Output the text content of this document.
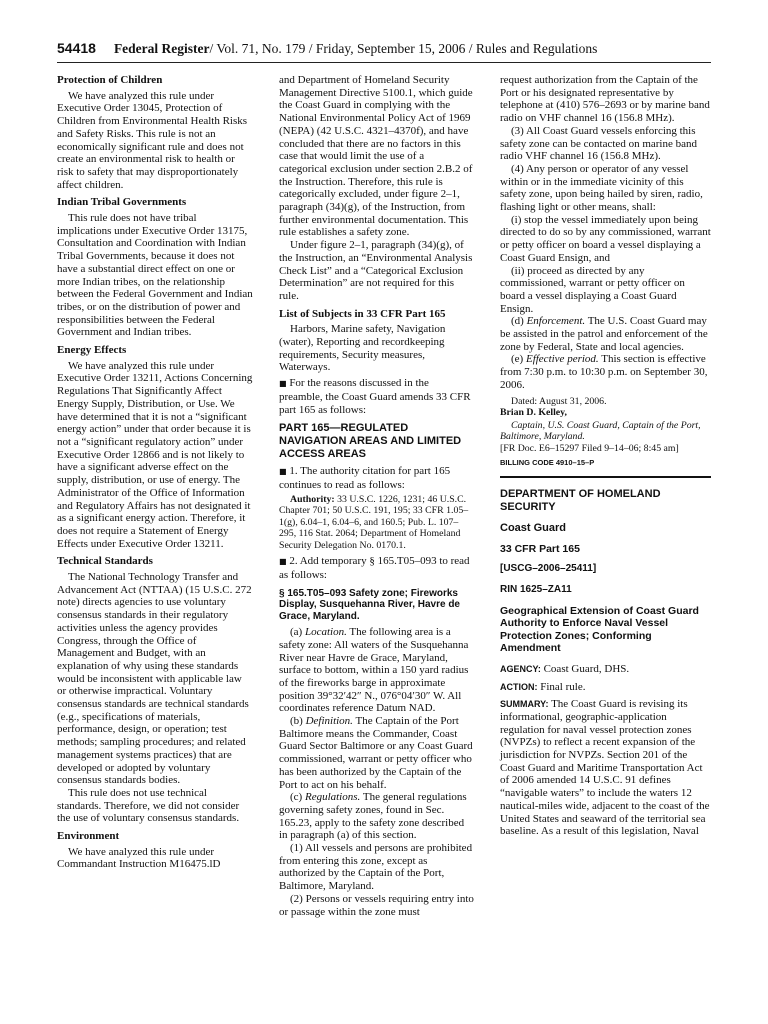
54418 Federal Register/ Vol. 71, No. 179 / Friday, September 15, 2006 / Rules and Regulations
Protection of Children

We have analyzed this rule under Executive Order 13045, Protection of Children from Environmental Health Risks and Safety Risks. This rule is not an economically significant rule and does not create an environmental risk to health or risk to safety that may disproportionately affect children.

Indian Tribal Governments

This rule does not have tribal implications under Executive Order 13175, Consultation and Coordination with Indian Tribal Governments, because it does not have a substantial direct effect on one or more Indian tribes, on the relationship between the Federal Government and Indian tribes, or on the distribution of power and responsibilities between the Federal Government and Indian tribes.

Energy Effects

We have analyzed this rule under Executive Order 13211, Actions Concerning Regulations That Significantly Affect Energy Supply, Distribution, or Use. We have determined that it is not a “significant energy action” under that order because it is not a “significant regulatory action” under Executive Order 12866 and is not likely to have a significant adverse effect on the supply, distribution, or use of energy. The Administrator of the Office of Information and Regulatory Affairs has not designated it as a significant energy action. Therefore, it does not require a Statement of Energy Effects under Executive Order 13211.

Technical Standards

The National Technology Transfer and Advancement Act (NTTAA) (15 U.S.C. 272 note) directs agencies to use voluntary consensus standards in their regulatory activities unless the agency provides Congress, through the Office of Management and Budget, with an explanation of why using these standards would be inconsistent with applicable law or otherwise impractical. Voluntary consensus standards are technical standards (e.g., specifications of materials, performance, design, or operation; test methods; sampling procedures; and related management systems practices) that are developed or adopted by voluntary consensus standards bodies.

This rule does not use technical standards. Therefore, we did not consider the use of voluntary consensus standards.

Environment

We have analyzed this rule under Commandant Instruction M16475.lD

and Department of Homeland Security Management Directive 5100.1, which guide the Coast Guard in complying with the National Environmental Policy Act of 1969 (NEPA) (42 U.S.C. 4321–4370f), and have concluded that there are no factors in this case that would limit the use of a categorical exclusion under section 2.B.2 of the Instruction. Therefore, this rule is categorically excluded, under figure 2–1, paragraph (34)(g), of the Instruction, from further environmental documentation. This rule establishes a safety zone.

Under figure 2–1, paragraph (34)(g), of the Instruction, an “Environmental Analysis Check List” and a “Categorical Exclusion Determination” are not required for this rule.

List of Subjects in 33 CFR Part 165

Harbors, Marine safety, Navigation (water), Reporting and recordkeeping requirements, Security measures, Waterways.

■ For the reasons discussed in the preamble, the Coast Guard amends 33 CFR part 165 as follows:

PART 165—REGULATED NAVIGATION AREAS AND LIMITED ACCESS AREAS

■ 1. The authority citation for part 165 continues to read as follows:

Authority: 33 U.S.C. 1226, 1231; 46 U.S.C. Chapter 701; 50 U.S.C. 191, 195; 33 CFR 1.05–1(g), 6.04–1, 6.04–6, and 160.5; Pub. L. 107–295, 116 Stat. 2064; Department of Homeland Security Delegation No. 0170.1.

■ 2. Add temporary § 165.T05–093 to read as follows:

§ 165.T05–093 Safety zone; Fireworks Display, Susquehanna River, Havre de Grace, Maryland.

(a) Location. The following area is a safety zone: All waters of the Susquehanna River near Havre de Grace, Maryland, surface to bottom, within a 150 yard radius of the fireworks barge in approximate position 39°32′42″ N., 076°04′30″ W. All coordinates reference Datum NAD.

(b) Definition. The Captain of the Port Baltimore means the Commander, Coast Guard Sector Baltimore or any Coast Guard commissioned, warrant or petty officer who has been authorized by the Captain of the Port to act on his behalf.

(c) Regulations. The general regulations governing safety zones, found in Sec. 165.23, apply to the safety zone described in paragraph (a) of this section.

(1) All vessels and persons are prohibited from entering this zone, except as authorized by the Captain of the Port, Baltimore, Maryland.

(2) Persons or vessels requiring entry into or passage within the zone must

request authorization from the Captain of the Port or his designated representative by telephone at (410) 576–2693 or by marine band radio on VHF channel 16 (156.8 MHz).

(3) All Coast Guard vessels enforcing this safety zone can be contacted on marine band radio VHF channel 16 (156.8 MHz).

(4) Any person or operator of any vessel within or in the immediate vicinity of this safety zone, upon being hailed by siren, radio, flashing light or other means, shall:

(i) stop the vessel immediately upon being directed to do so by any commissioned, warrant or petty officer on board a vessel displaying a Coast Guard Ensign, and

(ii) proceed as directed by any commissioned, warrant or petty officer on board a vessel displaying a Coast Guard Ensign.

(d) Enforcement. The U.S. Coast Guard may be assisted in the patrol and enforcement of the zone by Federal, State and local agencies.

(e) Effective period. This section is effective from 7:30 p.m. to 10:30 p.m. on September 30, 2006.

Dated: August 31, 2006.

Brian D. Kelley,

Captain, U.S. Coast Guard, Captain of the Port, Baltimore, Maryland.

[FR Doc. E6–15297 Filed 9–14–06; 8:45 am]

BILLING CODE 4910–15–P

DEPARTMENT OF HOMELAND SECURITY

Coast Guard

33 CFR Part 165

[USCG–2006–25411]

RIN 1625–ZA11

Geographical Extension of Coast Guard Authority to Enforce Naval Vessel Protection Zones; Conforming Amendment

AGENCY: Coast Guard, DHS.

ACTION: Final rule.

SUMMARY: The Coast Guard is revising its informational, geographic-application regulation for naval vessel protection zones (NVPZs) to reflect a recent expansion of the jurisdiction for NVPZs. Section 201 of the Coast Guard and Maritime Transportation Act of 2006 amended 14 U.S.C. 91 defines “navigable waters” to include the waters 12 nautical-miles wide, adjacent to the coast of the United States and seaward of the territorial sea baseline. As a result of this legislation, Naval
